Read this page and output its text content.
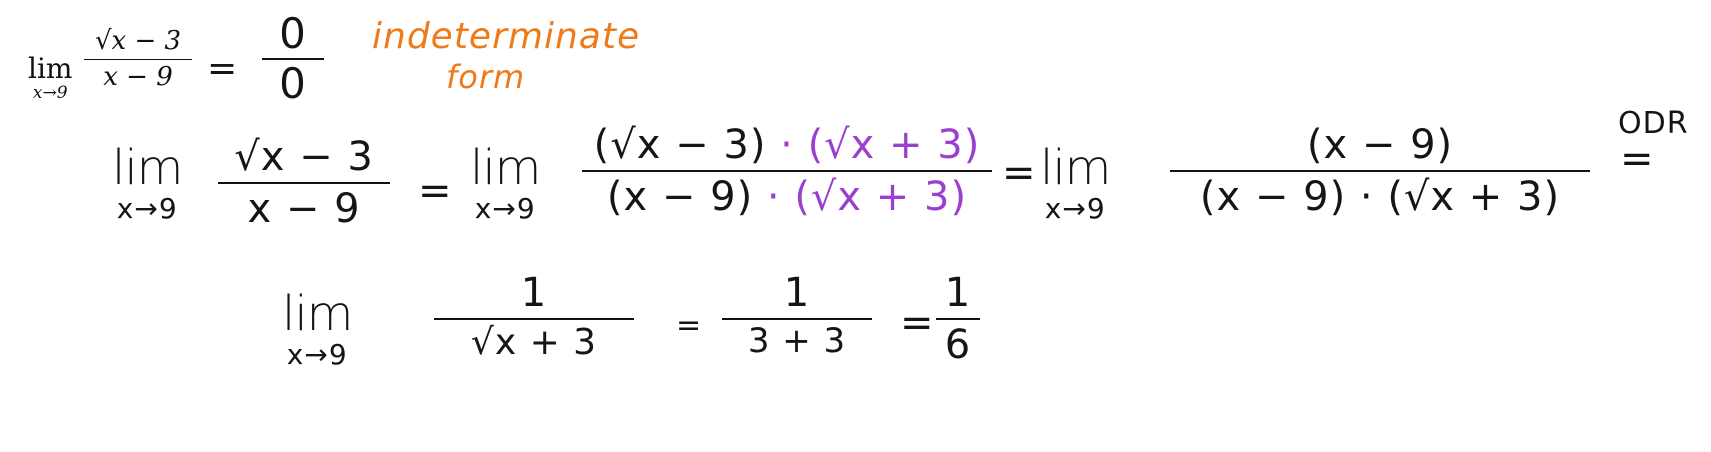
lim
x→9
√x − 3
x − 9 =
0
0
indeterminate
form
lim
x→9
√x − 3
x − 9 = lim
x→9
(√x − 3) · (√x + 3)
(x − 9) · (√x + 3)
= lim
x→9
(x − 9)
(x − 9) · (√x + 3)
ODR
=
lim
x→9
1
√x + 3	=
1
3 + 3 =
1
6
